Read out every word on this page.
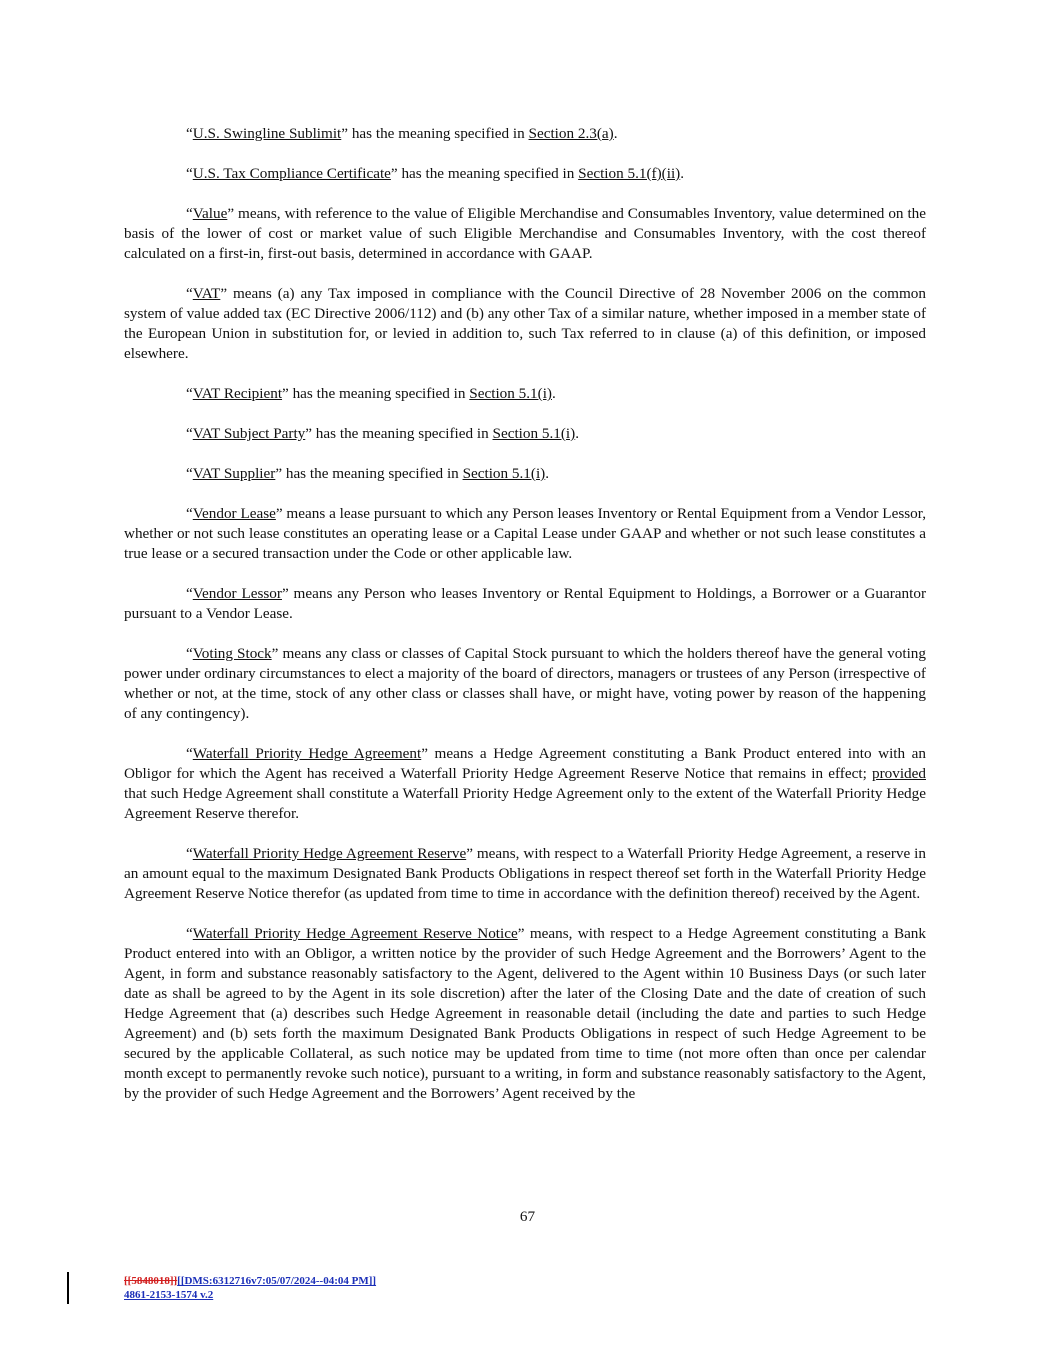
“U.S. Swingline Sublimit” has the meaning specified in Section 2.3(a).

“U.S. Tax Compliance Certificate” has the meaning specified in Section 5.1(f)(ii).

“Value” means, with reference to the value of Eligible Merchandise and Consumables Inventory, value determined on the basis of the lower of cost or market value of such Eligible Merchandise and Consumables Inventory, with the cost thereof calculated on a first-in, first-out basis, determined in accordance with GAAP.

“VAT” means (a) any Tax imposed in compliance with the Council Directive of 28 November 2006 on the common system of value added tax (EC Directive 2006/112) and (b) any other Tax of a similar nature, whether imposed in a member state of the European Union in substitution for, or levied in addition to, such Tax referred to in clause (a) of this definition, or imposed elsewhere.

“VAT Recipient” has the meaning specified in Section 5.1(i).

“VAT Subject Party” has the meaning specified in Section 5.1(i).

“VAT Supplier” has the meaning specified in Section 5.1(i).

“Vendor Lease” means a lease pursuant to which any Person leases Inventory or Rental Equipment from a Vendor Lessor, whether or not such lease constitutes an operating lease or a Capital Lease under GAAP and whether or not such lease constitutes a true lease or a secured transaction under the Code or other applicable law.

“Vendor Lessor” means any Person who leases Inventory or Rental Equipment to Holdings, a Borrower or a Guarantor pursuant to a Vendor Lease.

“Voting Stock” means any class or classes of Capital Stock pursuant to which the holders thereof have the general voting power under ordinary circumstances to elect a majority of the board of directors, managers or trustees of any Person (irrespective of whether or not, at the time, stock of any other class or classes shall have, or might have, voting power by reason of the happening of any contingency).

“Waterfall Priority Hedge Agreement” means a Hedge Agreement constituting a Bank Product entered into with an Obligor for which the Agent has received a Waterfall Priority Hedge Agreement Reserve Notice that remains in effect; provided that such Hedge Agreement shall constitute a Waterfall Priority Hedge Agreement only to the extent of the Waterfall Priority Hedge Agreement Reserve therefor.

“Waterfall Priority Hedge Agreement Reserve” means, with respect to a Waterfall Priority Hedge Agreement, a reserve in an amount equal to the maximum Designated Bank Products Obligations in respect thereof set forth in the Waterfall Priority Hedge Agreement Reserve Notice therefor (as updated from time to time in accordance with the definition thereof) received by the Agent.

“Waterfall Priority Hedge Agreement Reserve Notice” means, with respect to a Hedge Agreement constituting a Bank Product entered into with an Obligor, a written notice by the provider of such Hedge Agreement and the Borrowers’ Agent to the Agent, in form and substance reasonably satisfactory to the Agent, delivered to the Agent within 10 Business Days (or such later date as shall be agreed to by the Agent in its sole discretion) after the later of the Closing Date and the date of creation of such Hedge Agreement that (a) describes such Hedge Agreement in reasonable detail (including the date and parties to such Hedge Agreement) and (b) sets forth the maximum Designated Bank Products Obligations in respect of such Hedge Agreement to be secured by the applicable Collateral, as such notice may be updated from time to time (not more often than once per calendar month except to permanently revoke such notice), pursuant to a writing, in form and substance reasonably satisfactory to the Agent, by the provider of such Hedge Agreement and the Borrowers’ Agent received by the

67
[[5848018]][[DMS:6312716v7:05/07/2024--04:04 PM]]
4861-2153-1574 v.2
